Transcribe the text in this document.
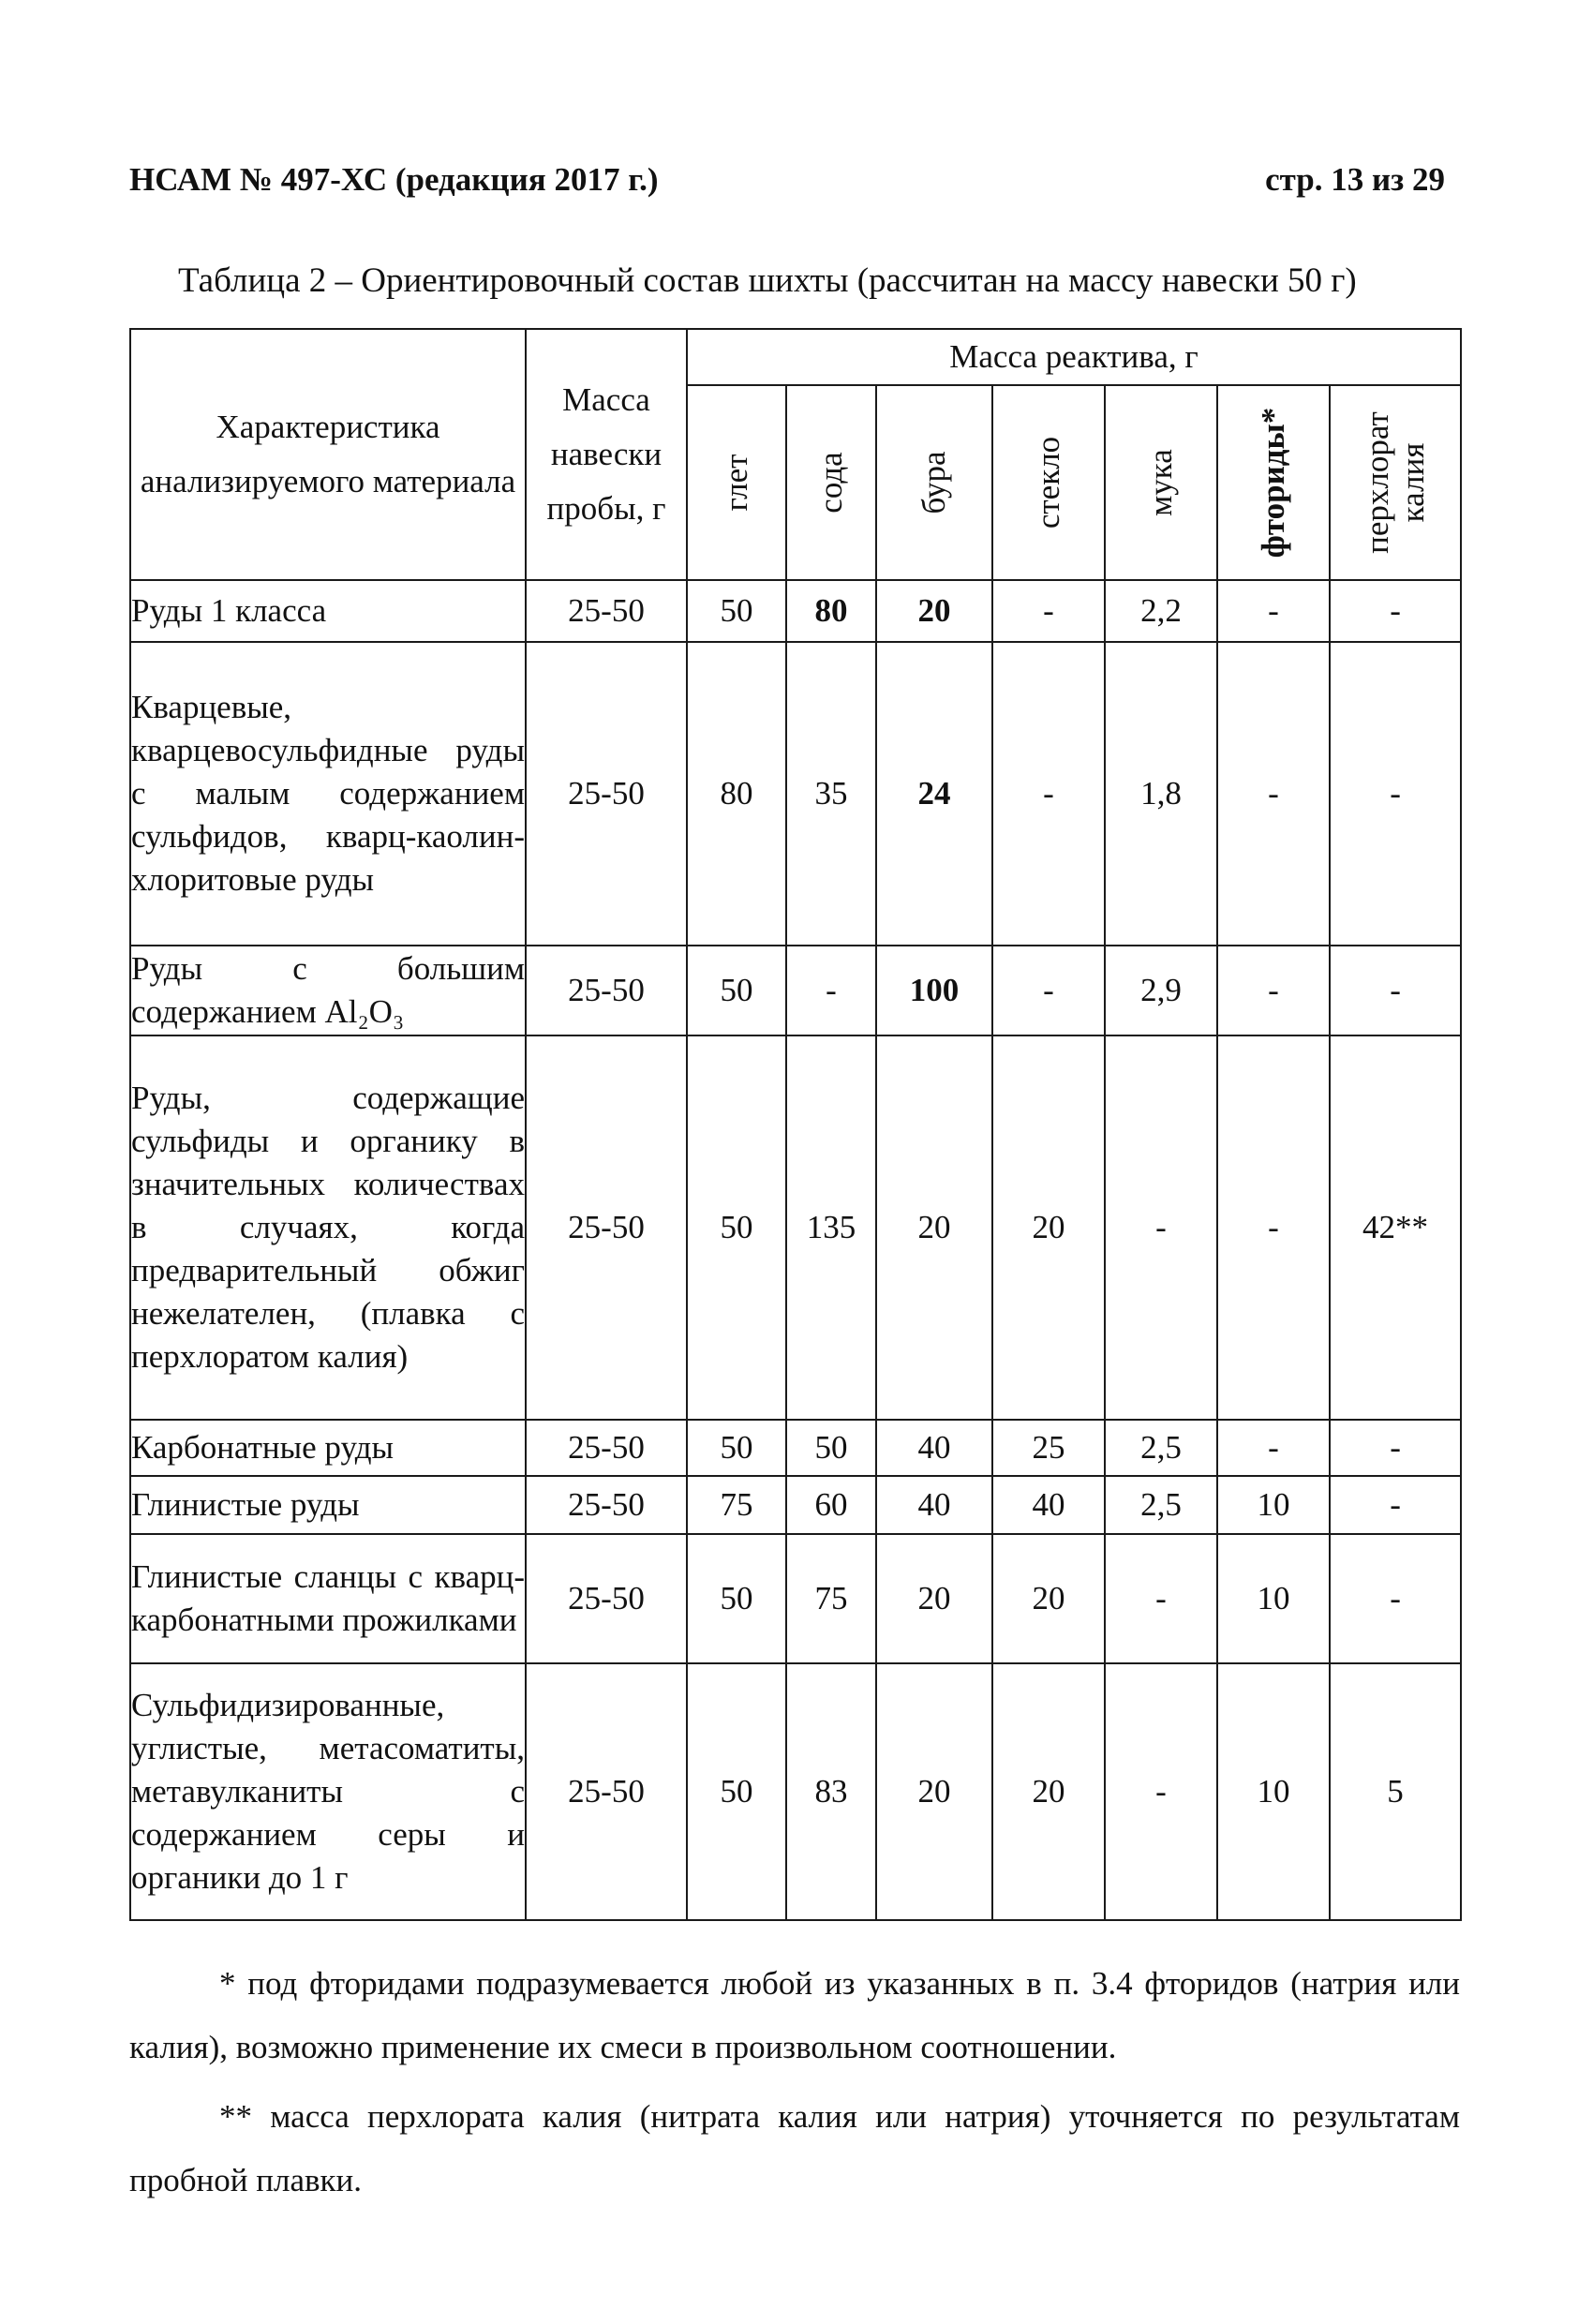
НСАМ № 497-ХС (редакция 2017 г.)	стр. 13 из 29
Таблица 2 – Ориентировочный состав шихты (рассчитан на массу навески 50 г)
Характеристика анализируемого материала	Масса навески пробы, г	Масса реактива, г						

		глет	сода	бура	стекло	мука	фториды*	перхлорат калия

Руды 1 класса	25-50	50	80	20	-	2,2	-	-
Кварцевые, кварцевосульфидные руды с малым содержанием сульфидов, кварц-каолин-хлоритовые руды	25-50	80	35	24	-	1,8	-	-
Руды с большим содержанием Al₂O₃	25-50	50	-	100	-	2,9	-	-
Руды, содержащие сульфиды и органику в значительных количествах в случаях, когда предварительный обжиг нежелателен, (плавка с перхлоратом калия)	25-50	50	135	20	20	-	-	42**
Карбонатные руды	25-50	50	50	40	25	2,5	-	-
Глинистые руды	25-50	75	60	40	40	2,5	10	-
Глинистые сланцы с кварц-карбонатными прожилками	25-50	50	75	20	20	-	10	-
Сульфидизированные, углистые, метасоматиты, метавулканиты с содержанием серы и органики до 1 г	25-50	50	83	20	20	-	10	5

* под фторидами подразумевается любой из указанных в п. 3.4 фторидов (натрия или калия), возможно применение их смеси в произвольном соотношении.

** масса перхлората калия (нитрата калия или натрия) уточняется по результатам пробной плавки.
